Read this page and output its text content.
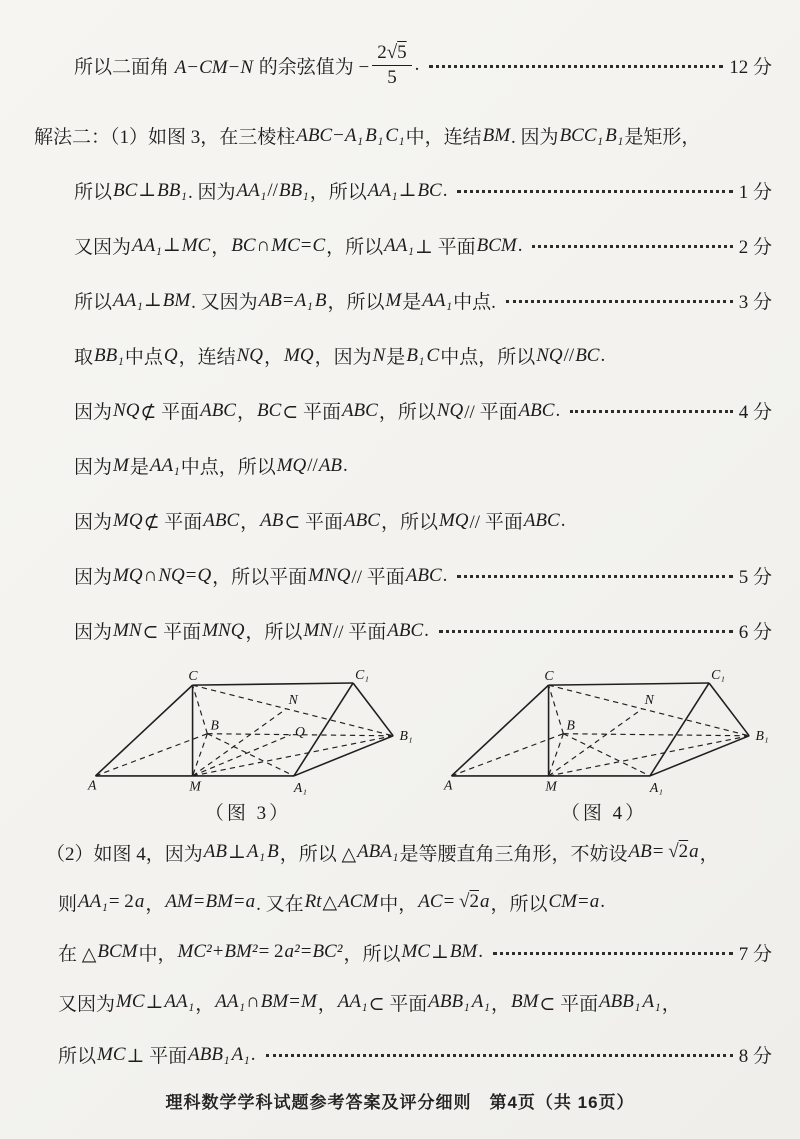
所以二面角 A−CM−N 的余弦值为 − $\frac{2√5}{5}$ .	12 分
解法二：（1）如图 3，在三棱柱 ABC − A₁ B₁ C₁ 中，连结 BM . 因为 BCC₁ B₁ 是矩形，
所以 BC ⊥ BB₁ . 因为 AA₁ // BB₁ ，所以 AA₁ ⊥ BC .	1 分
又因为 AA₁ ⊥ MC ， BC ∩ MC = C ，所以 AA₁ ⊥ 平面 BCM .	2 分
所以 AA₁ ⊥ BM . 又因为 AB = A₁ B ，所以 M 是 AA₁ 中点.	3 分
取 BB₁ 中点 Q ，连结 NQ ， MQ ，因为 N 是 B₁ C 中点，所以 NQ // BC .
因为 NQ ⊄ 平面 ABC ， BC ⊂ 平面 ABC ，所以 NQ // 平面 ABC .	4 分
因为 M 是 AA₁ 中点，所以 MQ // AB .
因为 MQ ⊄ 平面 ABC ， AB ⊂ 平面 ABC ，所以 MQ // 平面 ABC .
因为 MQ ∩ NQ = Q ，所以平面 MNQ // 平面 ABC .	5 分
因为 MN ⊂ 平面 MNQ ，所以 MN // 平面 ABC .	6 分
A	M	A₁
B
N
Q
C	C₁
B₁
（图 3）
A	M	A₁
B
N
C	C₁
B₁
（图 4）
（2）如图 4，因为 AB ⊥ A₁ B ，所以 △ ABA₁ 是等腰直角三角形，不妨设 AB = √ 2 a ，
则 AA₁ = 2 a ， AM = BM = a . 又在 Rt △ ACM 中， AC = √ 2 a ，所以 CM = a .
在 △ BCM 中， MC² + BM² = 2 a² = BC² ，所以 MC ⊥ BM .	7 分
又因为 MC ⊥ AA₁ ， AA₁ ∩ BM = M ， AA₁ ⊂ 平面 ABB₁ A₁ ， BM ⊂ 平面 ABB₁ A₁ ，
所以 MC ⊥ 平面 ABB₁ A₁ .	8 分
理科数学学科试题参考答案及评分细则　第4页（共 16页）
